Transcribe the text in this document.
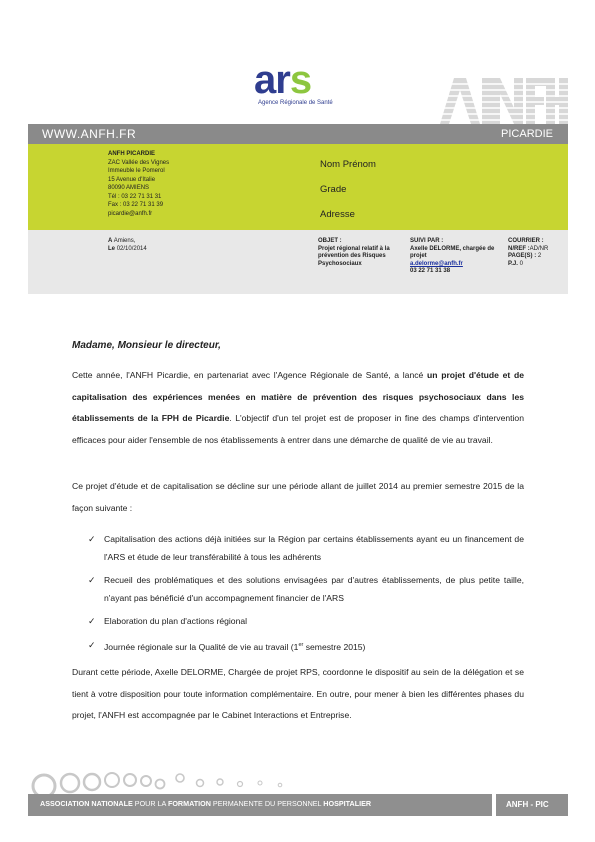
ars
Agence Régionale de Santé
WWW.ANFH.FR	PICARDIE
ANFH PICARDIE
ZAC Vallée des Vignes
Immeuble le Pomerol
15 Avenue d'Italie
80090 AMIENS
Tél : 03 22 71 31 31
Fax : 03 22 71 31 39
picardie@anfh.fr
Nom Prénom
Grade
Adresse
A Amiens,
Le 02/10/2014
OBJET :
Projet régional relatif à la prévention des Risques Psychosociaux
SUIVI PAR :
Axelle DELORME, chargée de projet
a.delorme@anfh.fr
03 22 71 31 38
COURRIER :
N/REF :AD/NR
PAGE(S) : 2
P.J. 0
Madame, Monsieur le directeur,
Cette année, l'ANFH Picardie, en partenariat avec l'Agence Régionale de Santé, a lancé un projet d'étude et de capitalisation des expériences menées en matière de prévention des risques psychosociaux dans les établissements de la FPH de Picardie. L'objectif d'un tel projet est de proposer in fine des champs d'intervention efficaces pour aider l'ensemble de nos établissements à entrer dans une démarche de qualité de vie au travail.
Ce projet d'étude et de capitalisation se décline sur une période allant de juillet 2014 au premier semestre 2015 de la façon suivante :
✓ Capitalisation des actions déjà initiées sur la Région par certains établissements ayant eu un financement de l'ARS et étude de leur transférabilité à tous les adhérents
✓ Recueil des problématiques et des solutions envisagées par d'autres établissements, de plus petite taille, n'ayant pas bénéficié d'un accompagnement financier de l'ARS
✓ Elaboration du plan d'actions régional
✓ Journée régionale sur la Qualité de vie au travail (1er semestre 2015)
Durant cette période, Axelle DELORME, Chargée de projet RPS, coordonne le dispositif au sein de la délégation et se tient à votre disposition pour toute information complémentaire. En outre, pour mener à bien les différentes phases du projet, l'ANFH est accompagnée par le Cabinet Interactions et Entreprise.
ASSOCIATION NATIONALE POUR LA FORMATION PERMANENTE DU PERSONNEL HOSPITALIER	ANFH - PIC
